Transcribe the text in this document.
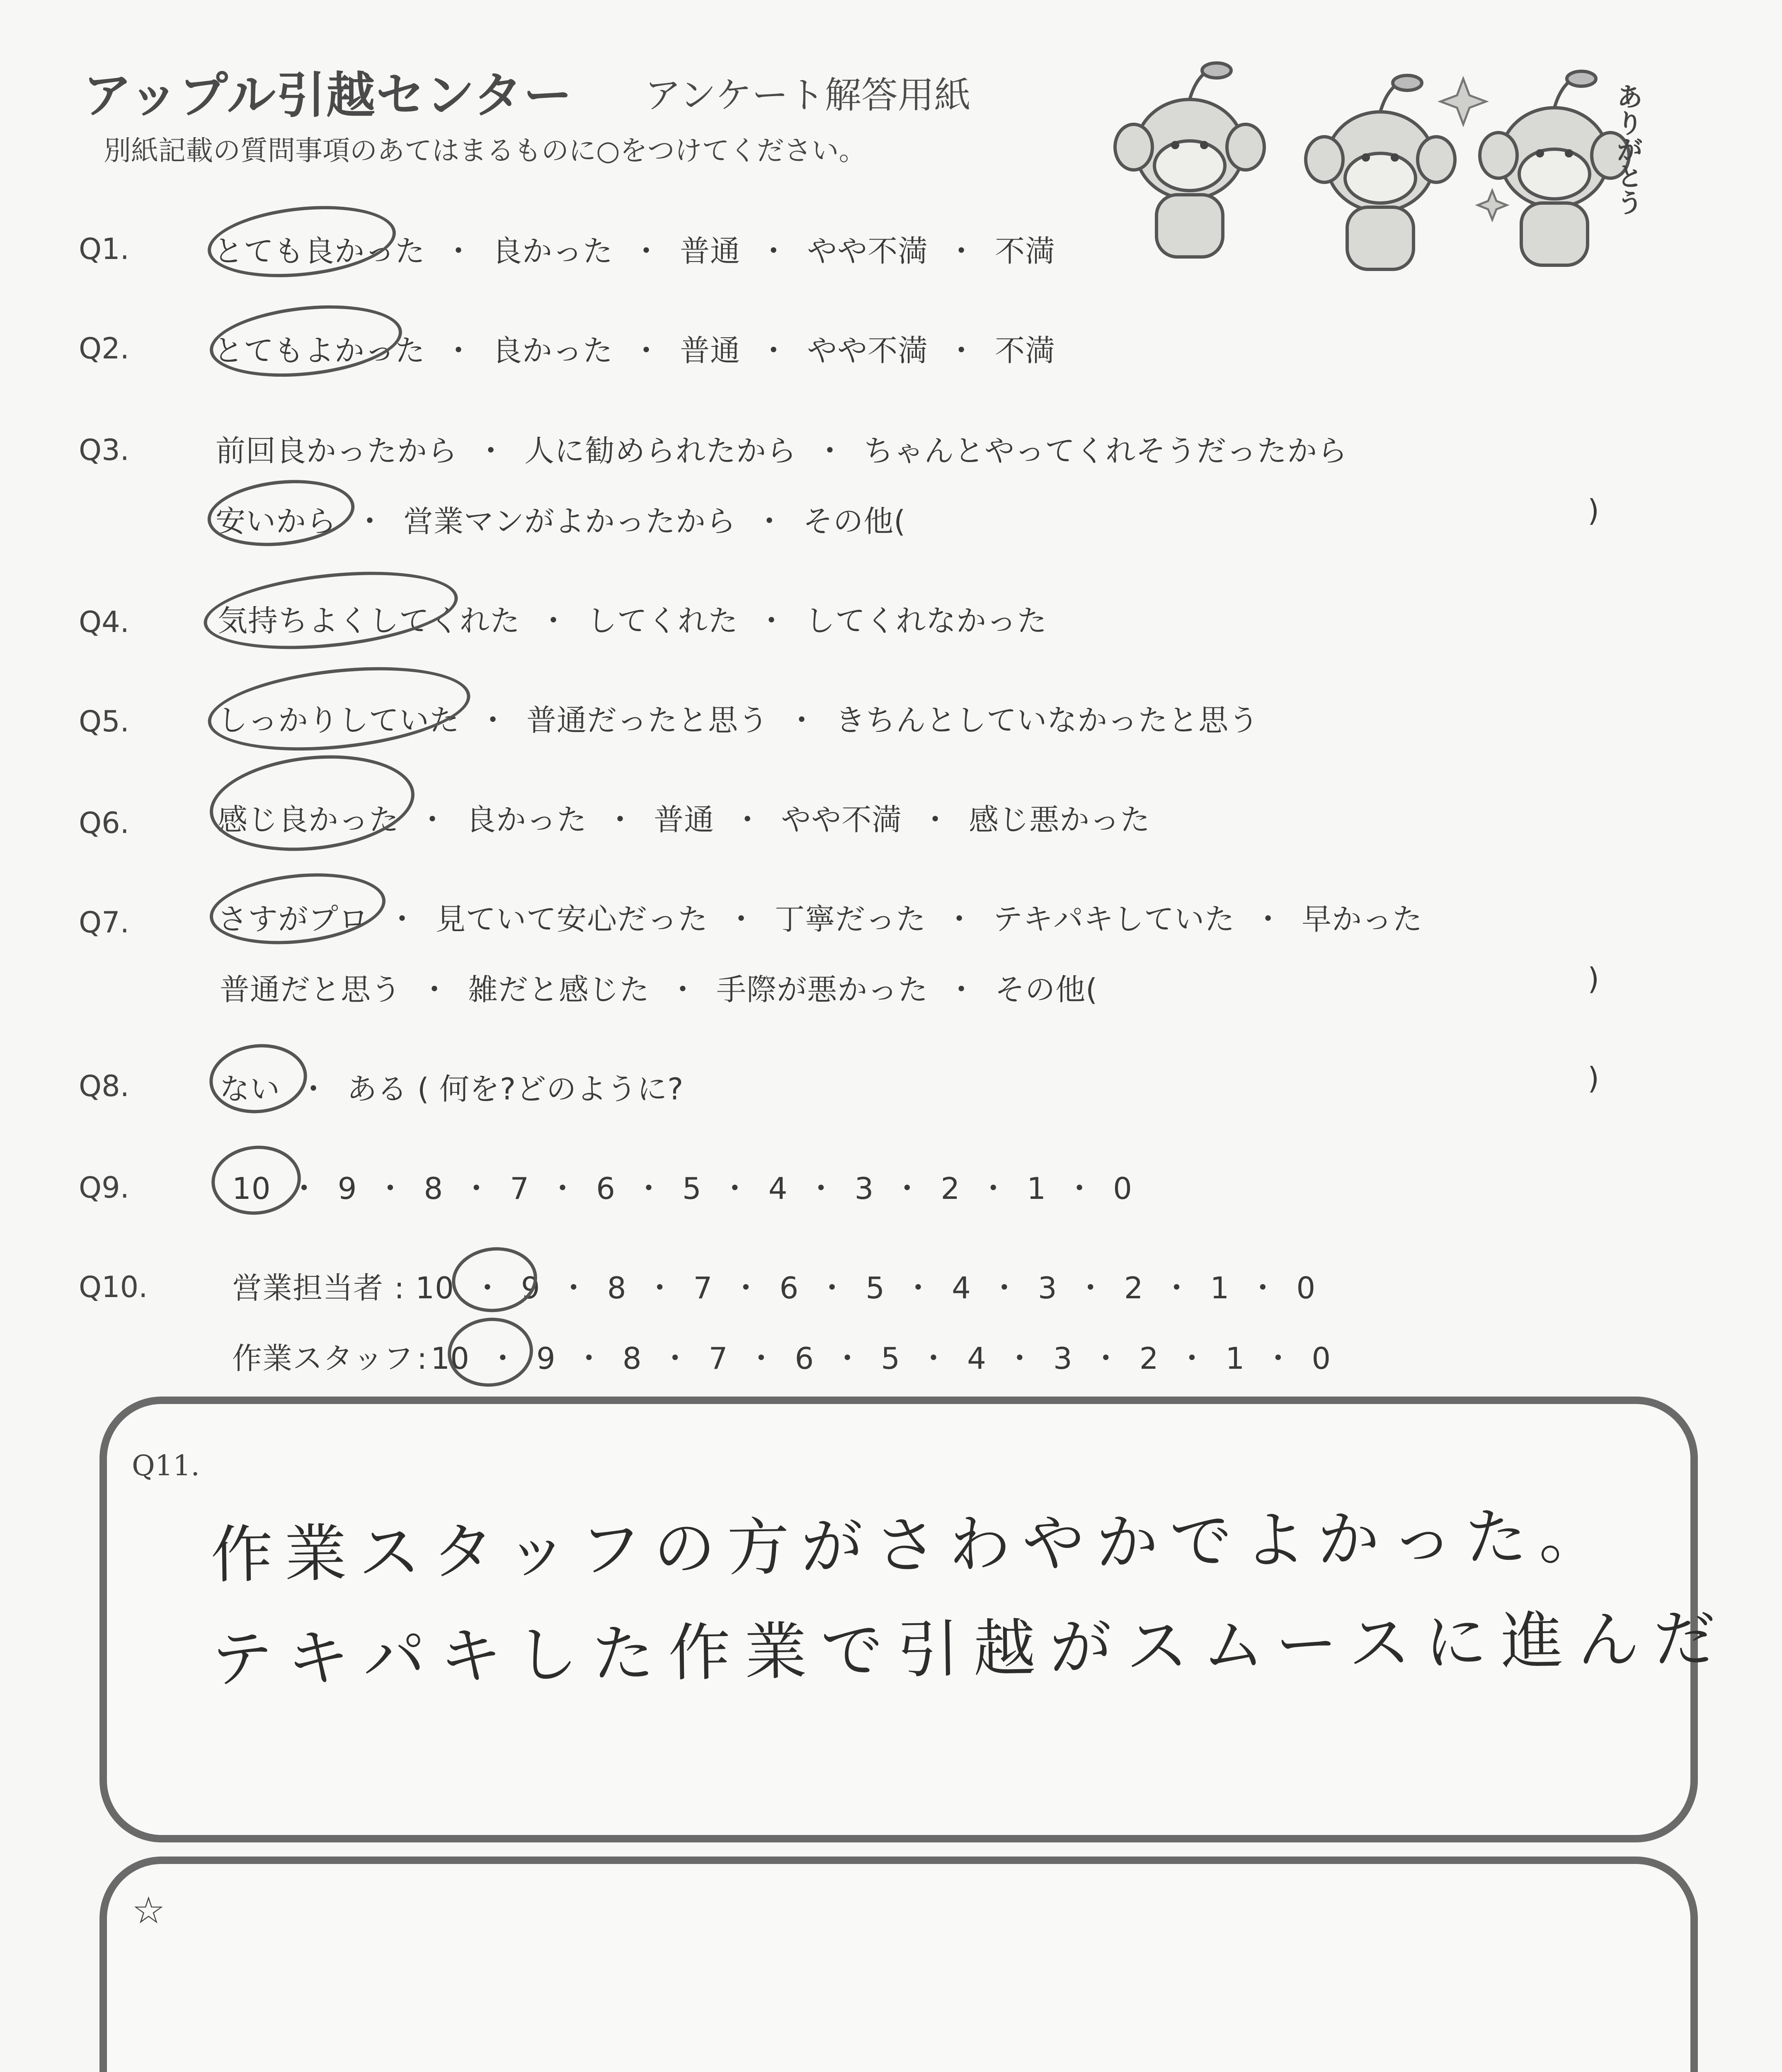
アップル引越センター アンケート解答用紙
別紙記載の質問事項のあてはまるものに○をつけてください。	ありがとう
Q1.	とても良かった ・ 良かった ・ 普通 ・ やや不満 ・ 不満
Q2.	とてもよかった ・ 良かった ・ 普通 ・ やや不満 ・ 不満
Q3.	前回良かったから ・ 人に勧められたから ・ ちゃんとやってくれそうだったから
安いから ・ 営業マンがよかったから ・ その他(	)
Q4.	気持ちよくしてくれた ・ してくれた ・ してくれなかった
Q5.	しっかりしていた ・ 普通だったと思う ・ きちんとしていなかったと思う
Q6.	感じ良かった ・ 良かった ・ 普通 ・ やや不満 ・ 感じ悪かった
Q7.	さすがプロ ・ 見ていて安心だった ・ 丁寧だった ・ テキパキしていた ・ 早かった
普通だと思う ・ 雑だと感じた ・ 手際が悪かった ・ その他(	)
Q8.	ない ・ ある ( 何を?どのように?	)
Q9.	10 ・ 9 ・ 8 ・ 7 ・ 6 ・ 5 ・ 4 ・ 3 ・ 2 ・ 1 ・ 0
Q10.	営業担当者 : 10 ・ 9 ・ 8 ・ 7 ・ 6 ・ 5 ・ 4 ・ 3 ・ 2 ・ 1 ・ 0
作業スタッフ : 10 ・ 9 ・ 8 ・ 7 ・ 6 ・ 5 ・ 4 ・ 3 ・ 2 ・ 1 ・ 0
Q11.
作業スタッフの方がさわやかでよかった。
テキパキした作業で引越がスムースに進んだ
☆
